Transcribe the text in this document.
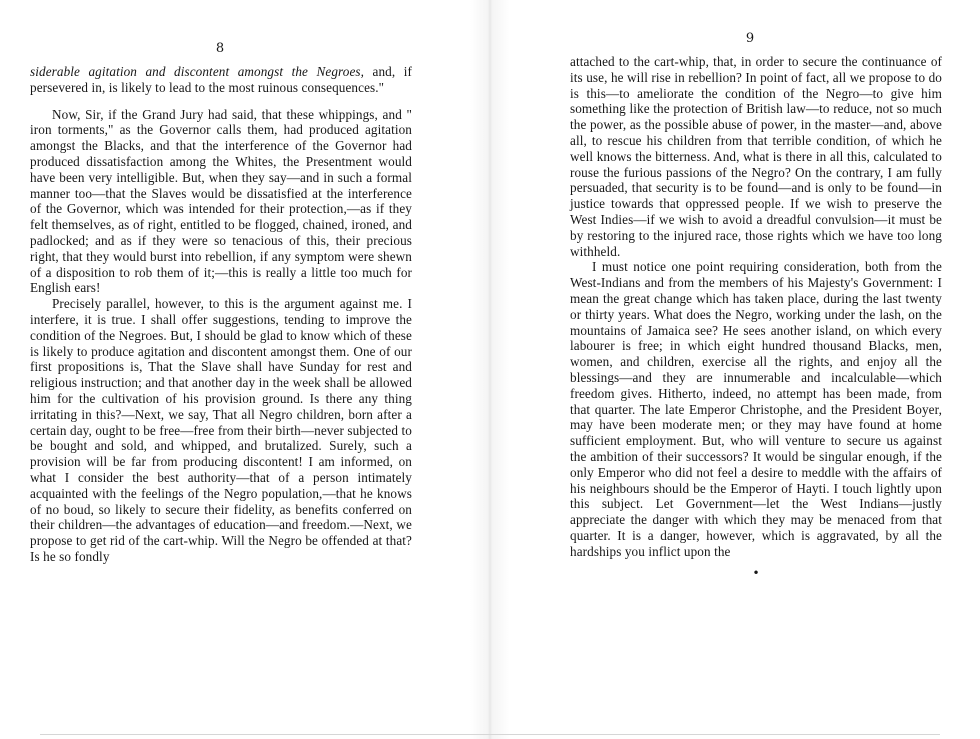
8

siderable agitation and discontent amongst the Negroes, and, if persevered in, is likely to lead to the most ruinous consequences."

Now, Sir, if the Grand Jury had said, that these whippings, and " iron torments," as the Governor calls them, had produced agitation amongst the Blacks, and that the interference of the Governor had produced dissatisfaction among the Whites, the Presentment would have been very intelligible. But, when they say—and in such a formal manner too—that the Slaves would be dissatisfied at the interference of the Governor, which was intended for their protection,—as if they felt themselves, as of right, entitled to be flogged, chained, ironed, and padlocked; and as if they were so tenacious of this, their precious right, that they would burst into rebellion, if any symptom were shewn of a disposition to rob them of it;—this is really a little too much for English ears!

Precisely parallel, however, to this is the argument against me. I interfere, it is true. I shall offer suggestions, tending to improve the condition of the Negroes. But, I should be glad to know which of these is likely to produce agitation and discontent amongst them. One of our first propositions is, That the Slave shall have Sunday for rest and religious instruction; and that another day in the week shall be allowed him for the cultivation of his provision ground. Is there any thing irritating in this?—Next, we say, That all Negro children, born after a certain day, ought to be free—free from their birth—never subjected to be bought and sold, and whipped, and brutalized. Surely, such a provision will be far from producing discontent! I am informed, on what I consider the best authority—that of a person intimately acquainted with the feelings of the Negro population,—that he knows of no boud, so likely to secure their fidelity, as benefits conferred on their children—the advantages of education—and freedom.—Next, we propose to get rid of the cart-whip. Will the Negro be offended at that? Is he so fondly

9

attached to the cart-whip, that, in order to secure the continuance of its use, he will rise in rebellion? In point of fact, all we propose to do is this—to ameliorate the condition of the Negro—to give him something like the protection of British law—to reduce, not so much the power, as the possible abuse of power, in the master—and, above all, to rescue his children from that terrible condition, of which he well knows the bitterness. And, what is there in all this, calculated to rouse the furious passions of the Negro? On the contrary, I am fully persuaded, that security is to be found—and is only to be found—in justice towards that oppressed people. If we wish to preserve the West Indies—if we wish to avoid a dreadful convulsion—it must be by restoring to the injured race, those rights which we have too long withheld.

I must notice one point requiring consideration, both from the West-Indians and from the members of his Majesty's Government: I mean the great change which has taken place, during the last twenty or thirty years. What does the Negro, working under the lash, on the mountains of Jamaica see? He sees another island, on which every labourer is free; in which eight hundred thousand Blacks, men, women, and children, exercise all the rights, and enjoy all the blessings—and they are innumerable and incalculable—which freedom gives. Hitherto, indeed, no attempt has been made, from that quarter. The late Emperor Christophe, and the President Boyer, may have been moderate men; or they may have found at home sufficient employment. But, who will venture to secure us against the ambition of their successors? It would be singular enough, if the only Emperor who did not feel a desire to meddle with the affairs of his neighbours should be the Emperor of Hayti. I touch lightly upon this subject. Let Government—let the West Indians—justly appreciate the danger with which they may be menaced from that quarter. It is a danger, however, which is aggravated, by all the hardships you inflict upon the

•
